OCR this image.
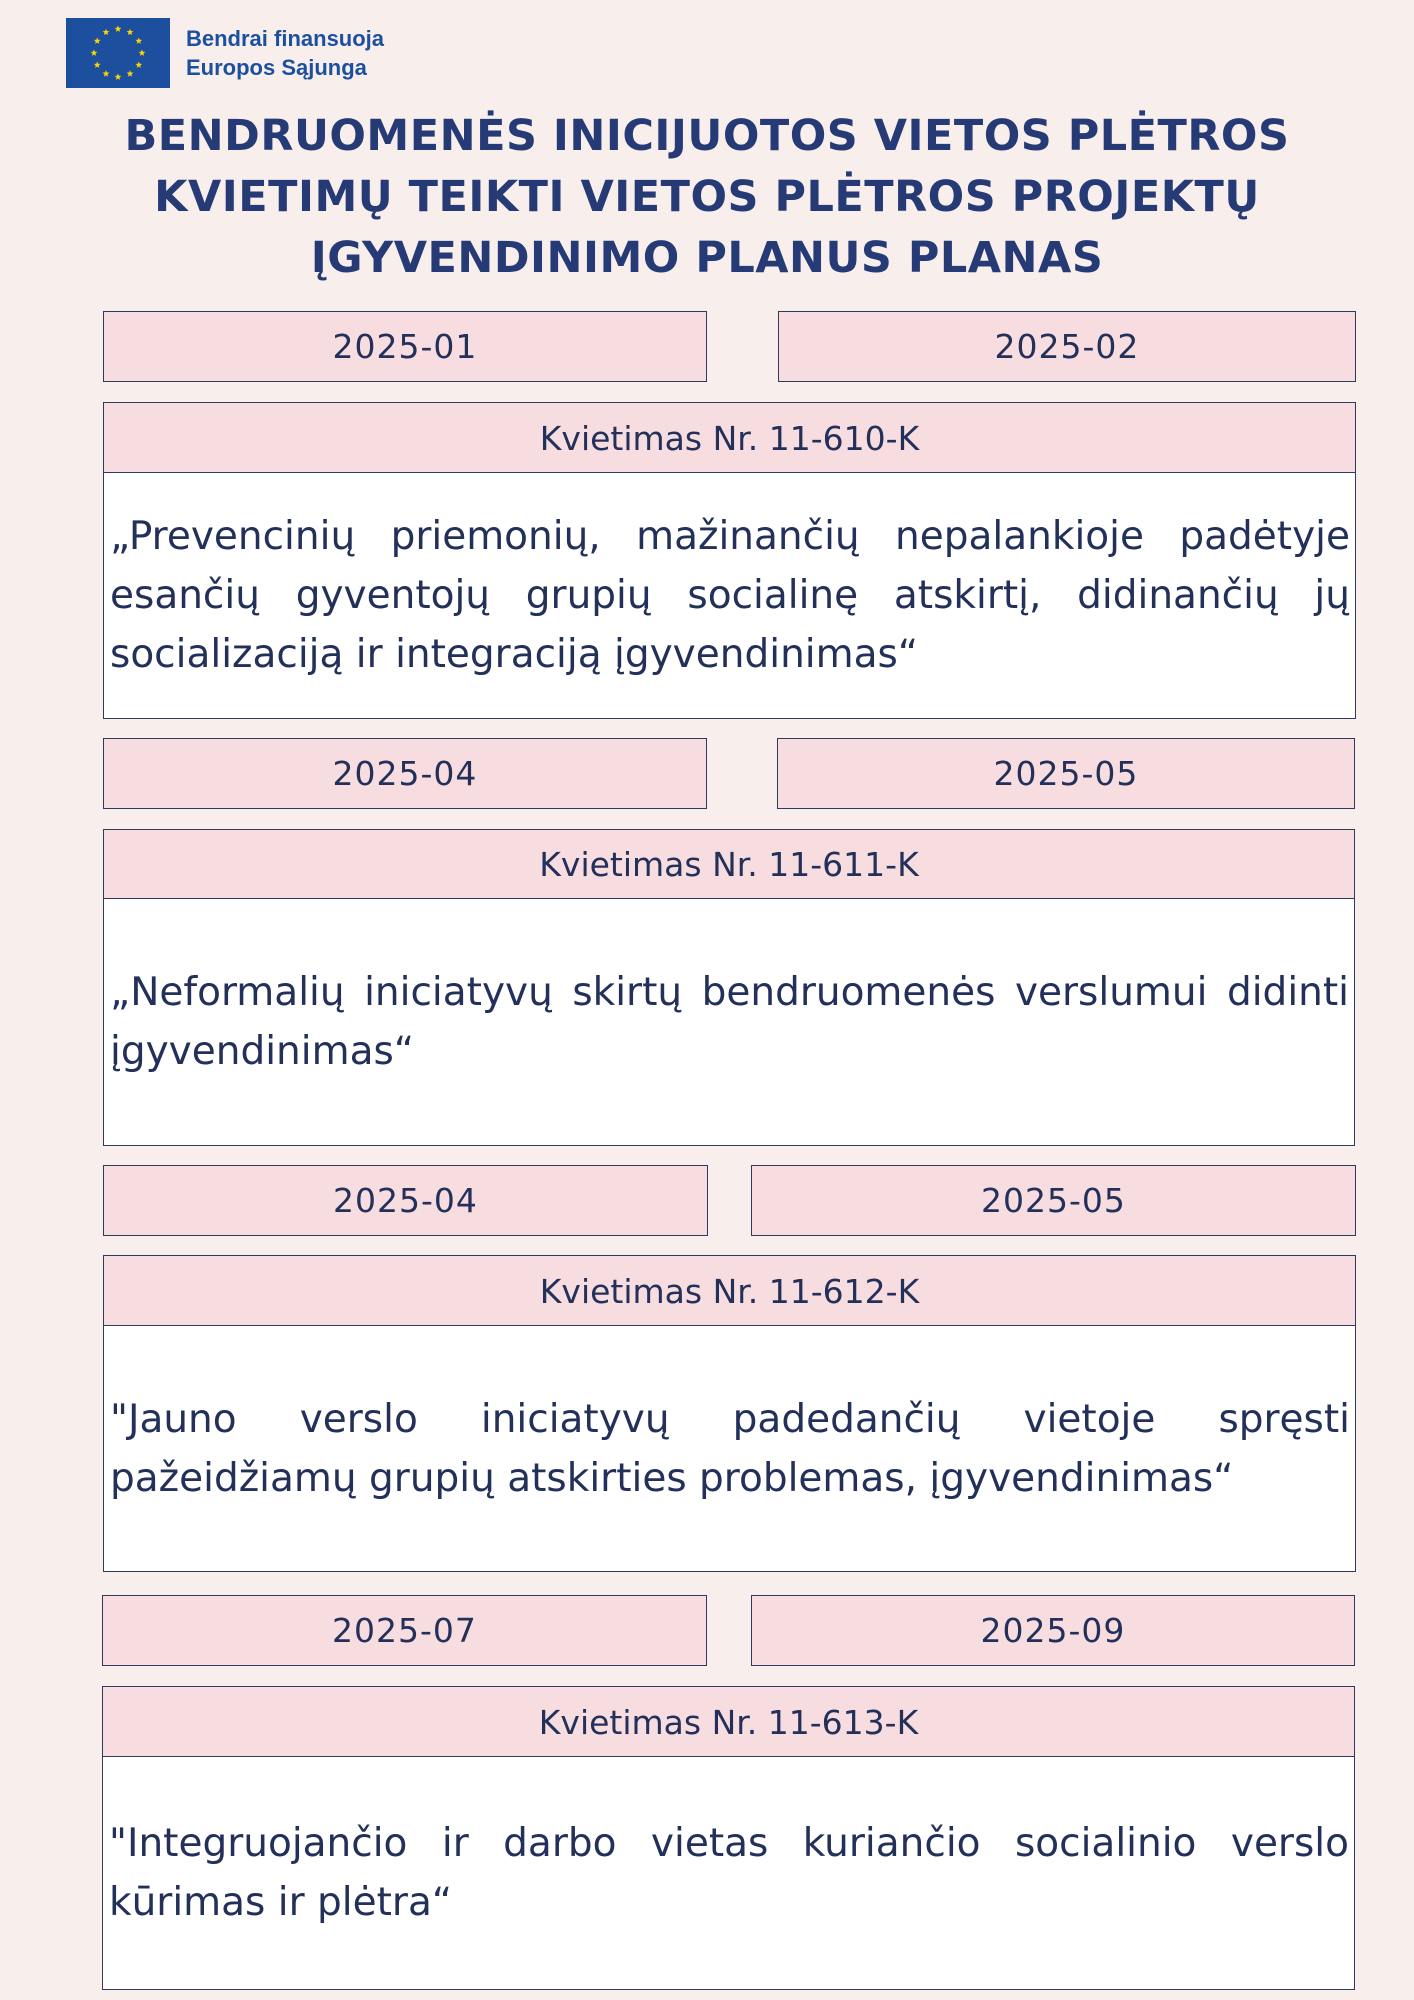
Bendrai finansuoja
Europos Sąjunga
BENDRUOMENĖS INICIJUOTOS VIETOS PLĖTROS
KVIETIMŲ TEIKTI VIETOS PLĖTROS PROJEKTŲ
ĮGYVENDINIMO PLANUS PLANAS
2025-01	2025-02
Kvietimas Nr. 11-610-K

„Prevencinių priemonių, mažinančių nepalankioje padėtyje esančių gyventojų grupių socialinę atskirtį, didinančių jų socializaciją ir integraciją įgyvendinimas“

2025-04	2025-05
Kvietimas Nr. 11-611-K

„Neformalių iniciatyvų skirtų bendruomenės verslumui didinti įgyvendinimas“

2025-04	2025-05
Kvietimas Nr. 11-612-K

"Jauno verslo iniciatyvų padedančių vietoje spręsti pažeidžiamų grupių atskirties problemas, įgyvendinimas“

2025-07	2025-09
Kvietimas Nr. 11-613-K

"Integruojančio ir darbo vietas kuriančio socialinio verslo kūrimas ir plėtra“
